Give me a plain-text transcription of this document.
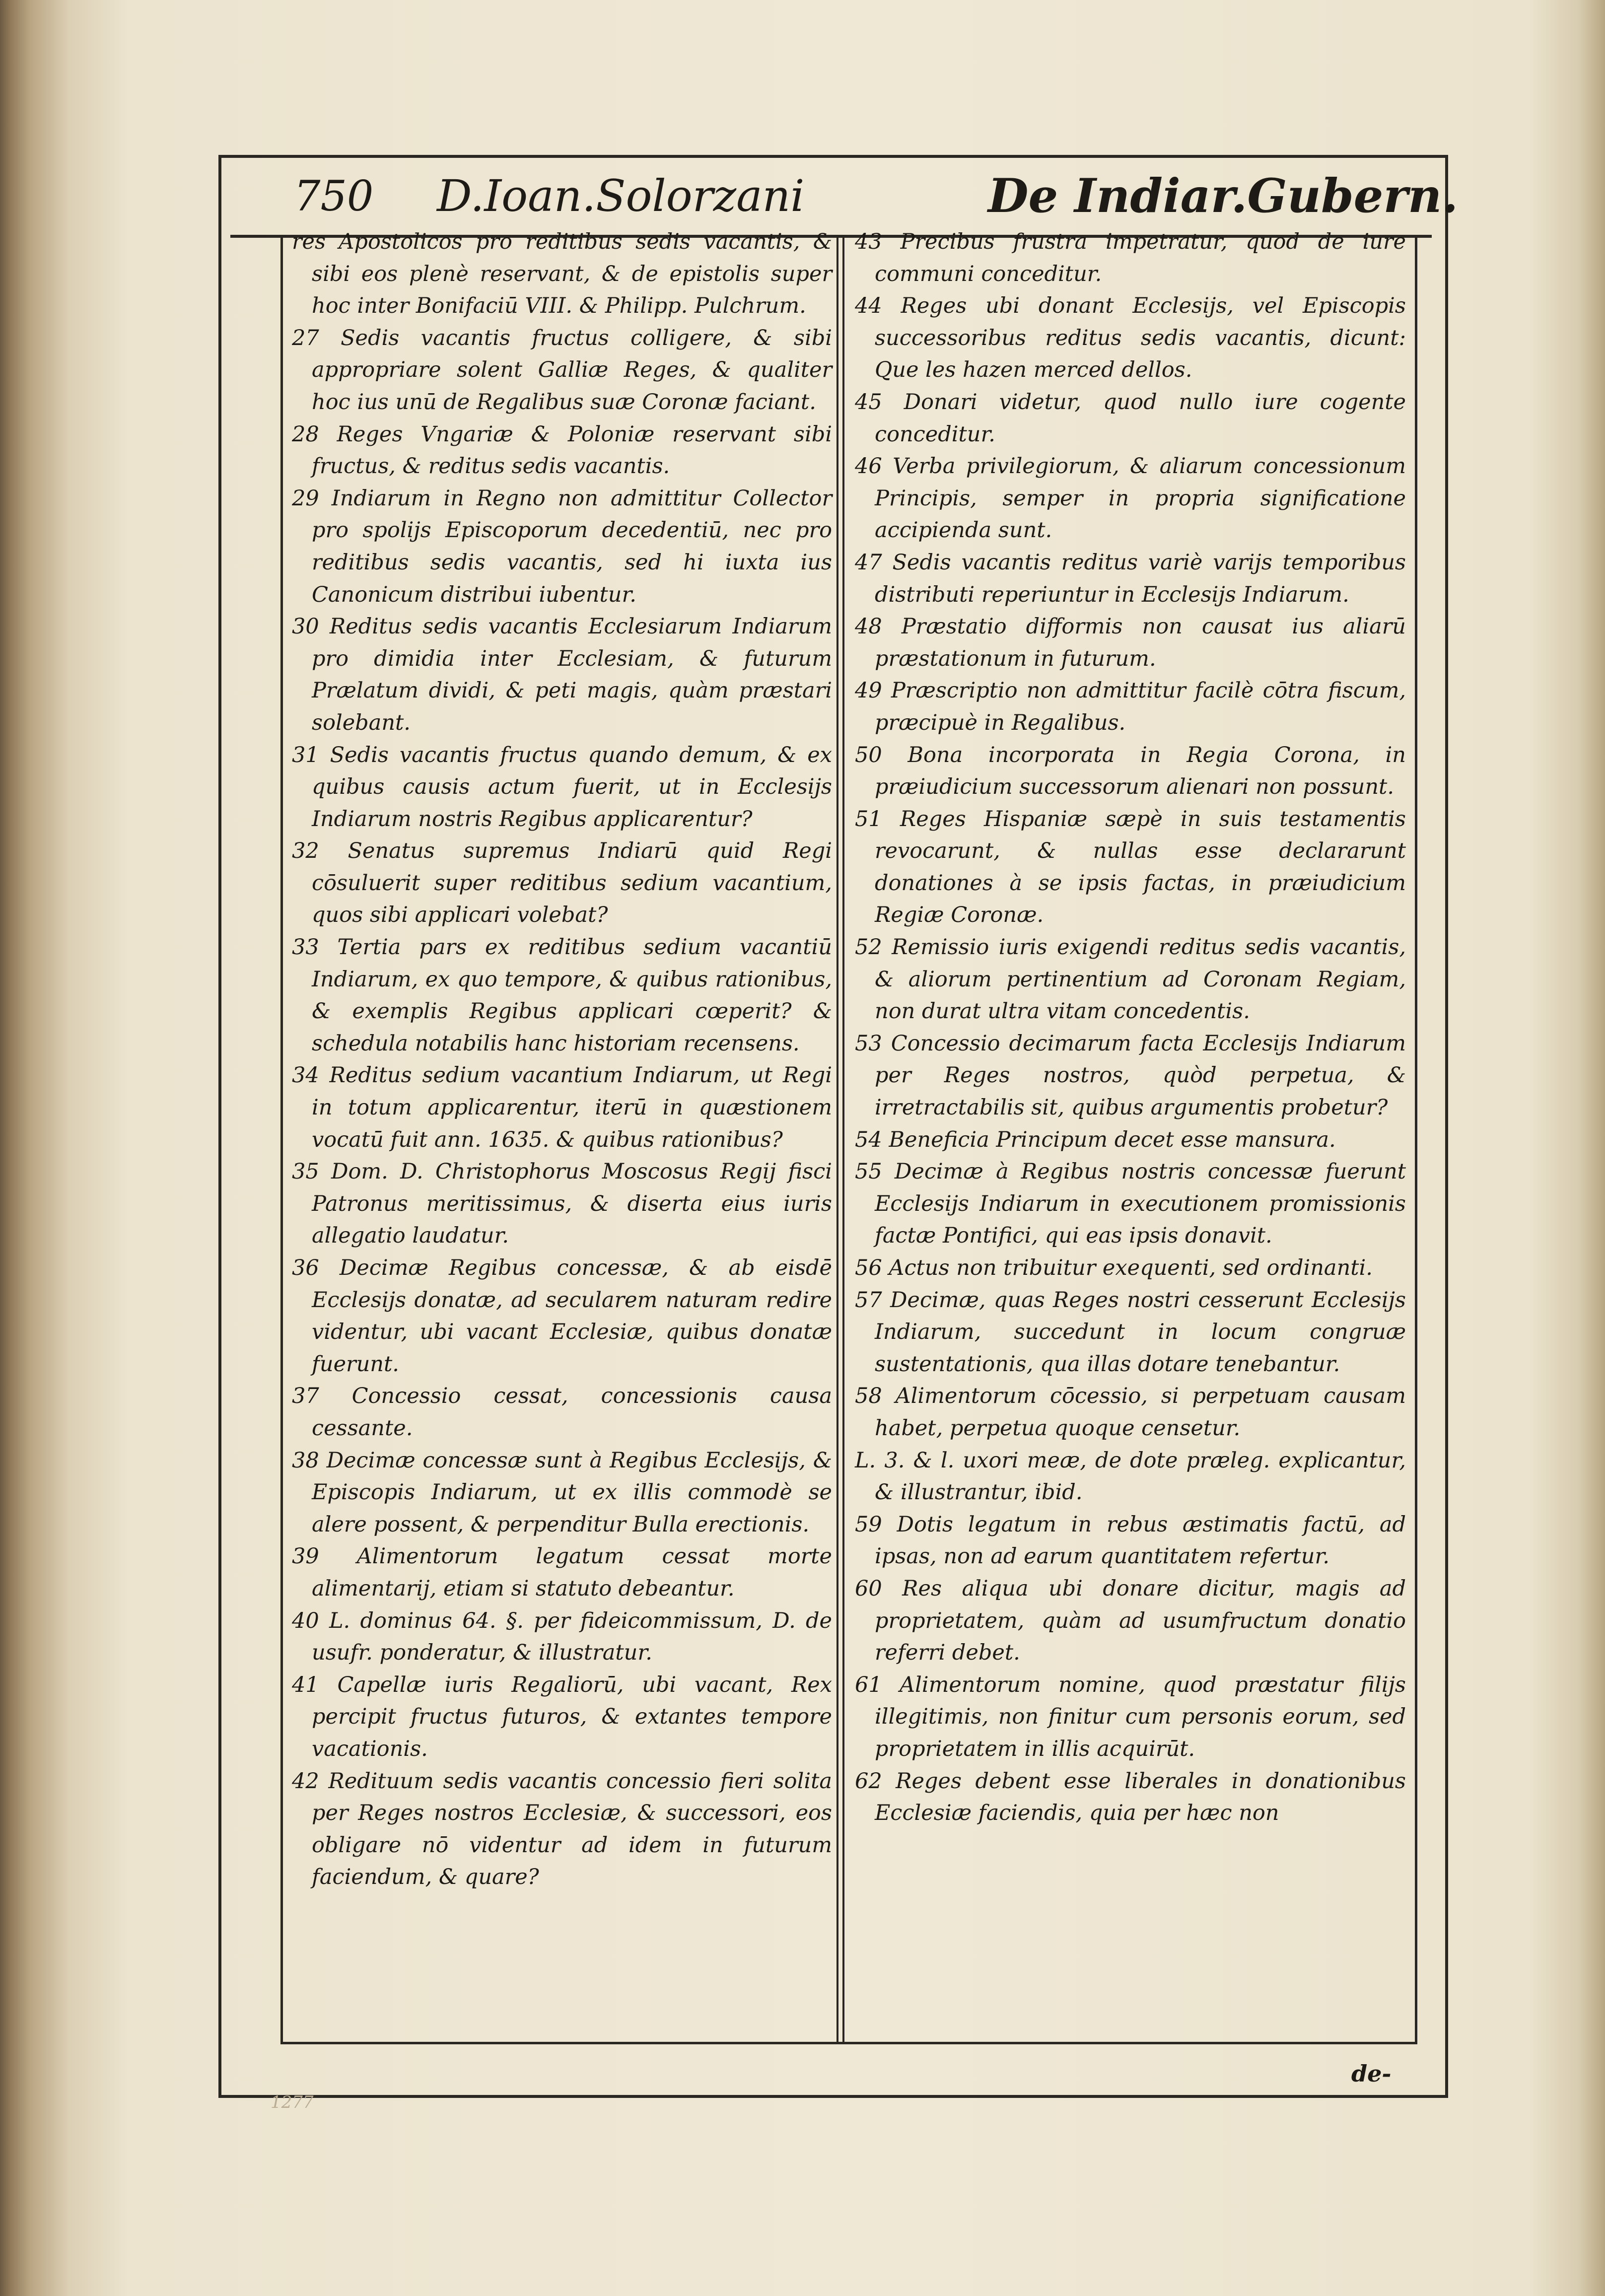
750 D.Ioan.Solorzani	De Indiar.Gubern.
res Apostolicos pro reditibus sedis vacantis, & sibi eos plenè reservant, & de epistolis super hoc inter Bonifaciū VIII. & Philipp. Pulchrum.
27 Sedis vacantis fructus colligere, & sibi appropriare solent Galliæ Reges, & qualiter hoc ius unū de Regalibus suæ Coronæ faciant.
28 Reges Vngariæ & Poloniæ reservant sibi fructus, & reditus sedis vacantis.
29 Indiarum in Regno non admittitur Collector pro spolijs Episcoporum decedentiū, nec pro reditibus sedis vacantis, sed hi iuxta ius Canonicum distribui iubentur.
30 Reditus sedis vacantis Ecclesiarum Indiarum pro dimidia inter Ecclesiam, & futurum Prælatum dividi, & peti magis, quàm præstari solebant.
31 Sedis vacantis fructus quando demum, & ex quibus causis actum fuerit, ut in Ecclesijs Indiarum nostris Regibus applicarentur?
32 Senatus supremus Indiarū quid Regi cōsuluerit super reditibus sedium vacantium, quos sibi applicari volebat?
33 Tertia pars ex reditibus sedium vacantiū Indiarum, ex quo tempore, & quibus rationibus, & exemplis Regibus applicari cœperit? & schedula notabilis hanc historiam recensens.
34 Reditus sedium vacantium Indiarum, ut Regi in totum applicarentur, iterū in quæstionem vocatū fuit ann. 1635. & quibus rationibus?
35 Dom. D. Christophorus Moscosus Regij fisci Patronus meritissimus, & diserta eius iuris allegatio laudatur.
36 Decimæ Regibus concessæ, & ab eisdē Ecclesijs donatæ, ad secularem naturam redire videntur, ubi vacant Ecclesiæ, quibus donatæ fuerunt.
37 Concessio cessat, concessionis causa cessante.
38 Decimæ concessæ sunt à Regibus Ecclesijs, & Episcopis Indiarum, ut ex illis commodè se alere possent, & perpenditur Bulla erectionis.
39 Alimentorum legatum cessat morte alimentarij, etiam si statuto debeantur.
40 L. dominus 64. §. per fideicommissum, D. de usufr. ponderatur, & illustratur.
41 Capellæ iuris Regaliorū, ubi vacant, Rex percipit fructus futuros, & extantes tempore vacationis.
42 Redituum sedis vacantis concessio fieri solita per Reges nostros Ecclesiæ, & successori, eos obligare nō videntur ad idem in futurum faciendum, & quare?
43 Precibus frustra impetratur, quod de iure communi conceditur.
44 Reges ubi donant Ecclesijs, vel Episcopis successoribus reditus sedis vacantis, dicunt: Que les hazen merced dellos.
45 Donari videtur, quod nullo iure cogente conceditur.
46 Verba privilegiorum, & aliarum concessionum Principis, semper in propria significatione accipienda sunt.
47 Sedis vacantis reditus variè varijs temporibus distributi reperiuntur in Ecclesijs Indiarum.
48 Præstatio difformis non causat ius aliarū præstationum in futurum.
49 Præscriptio non admittitur facilè cōtra fiscum, præcipuè in Regalibus.
50 Bona incorporata in Regia Corona, in præiudicium successorum alienari non possunt.
51 Reges Hispaniæ sæpè in suis testamentis revocarunt, & nullas esse declararunt donationes à se ipsis factas, in præiudicium Regiæ Coronæ.
52 Remissio iuris exigendi reditus sedis vacantis, & aliorum pertinentium ad Coronam Regiam, non durat ultra vitam concedentis.
53 Concessio decimarum facta Ecclesijs Indiarum per Reges nostros, quòd perpetua, & irretractabilis sit, quibus argumentis probetur?
54 Beneficia Principum decet esse mansura.
55 Decimæ à Regibus nostris concessæ fuerunt Ecclesijs Indiarum in executionem promissionis factæ Pontifici, qui eas ipsis donavit.
56 Actus non tribuitur exequenti, sed ordinanti.
57 Decimæ, quas Reges nostri cesserunt Ecclesijs Indiarum, succedunt in locum congruæ sustentationis, qua illas dotare tenebantur.
58 Alimentorum cōcessio, si perpetuam causam habet, perpetua quoque censetur.
L. 3. & l. uxori meæ, de dote præleg. explicantur, & illustrantur, ibid.
59 Dotis legatum in rebus æstimatis factū, ad ipsas, non ad earum quantitatem refertur.
60 Res aliqua ubi donare dicitur, magis ad proprietatem, quàm ad usumfructum donatio referri debet.
61 Alimentorum nomine, quod præstatur filijs illegitimis, non finitur cum personis eorum, sed proprietatem in illis acquirūt.
62 Reges debent esse liberales in donationibus Ecclesiæ faciendis, quia per hæc non
de-
1277
